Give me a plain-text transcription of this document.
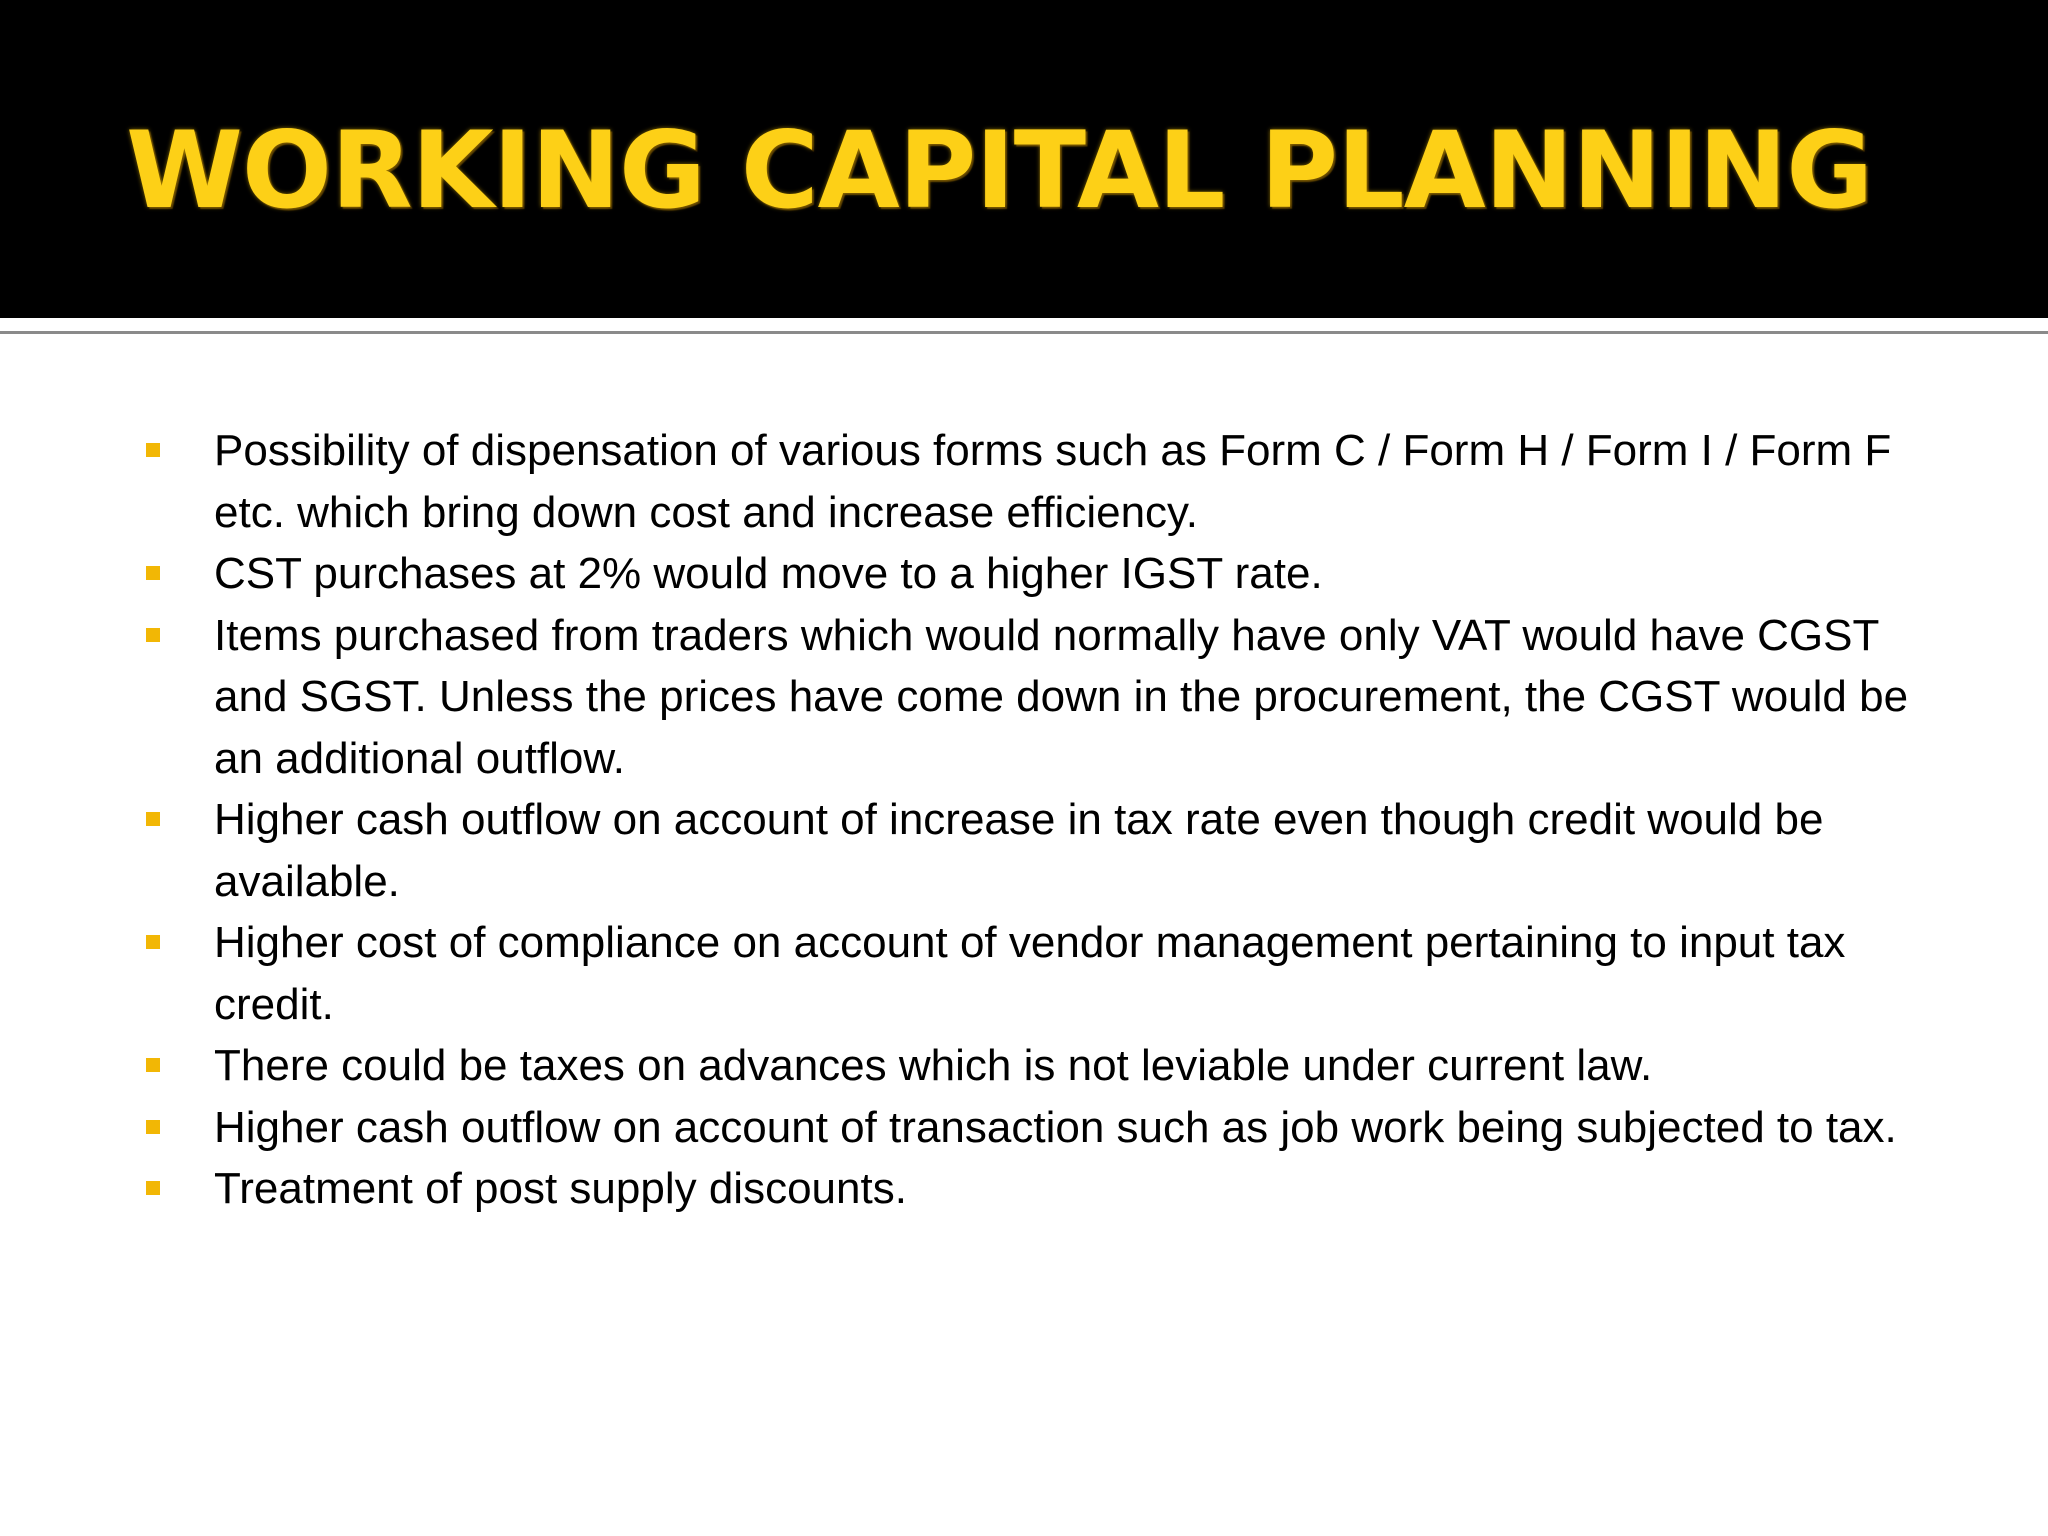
WORKING CAPITAL PLANNING
Possibility of dispensation of various forms such as Form C / Form H / Form I / Form F etc. which bring down cost and increase efficiency.
CST purchases at 2% would move to a higher IGST rate.
Items purchased from traders which would normally have only VAT would have CGST and SGST. Unless the prices have come down in the procurement, the CGST would be an additional outflow.
Higher cash outflow on account of increase in tax rate even though credit would be available.
Higher cost of compliance on account of vendor management pertaining to input tax credit.
There could be taxes on advances which is not leviable under current law.
Higher cash outflow on account of transaction such as job work being subjected to tax.
Treatment of post supply discounts.
